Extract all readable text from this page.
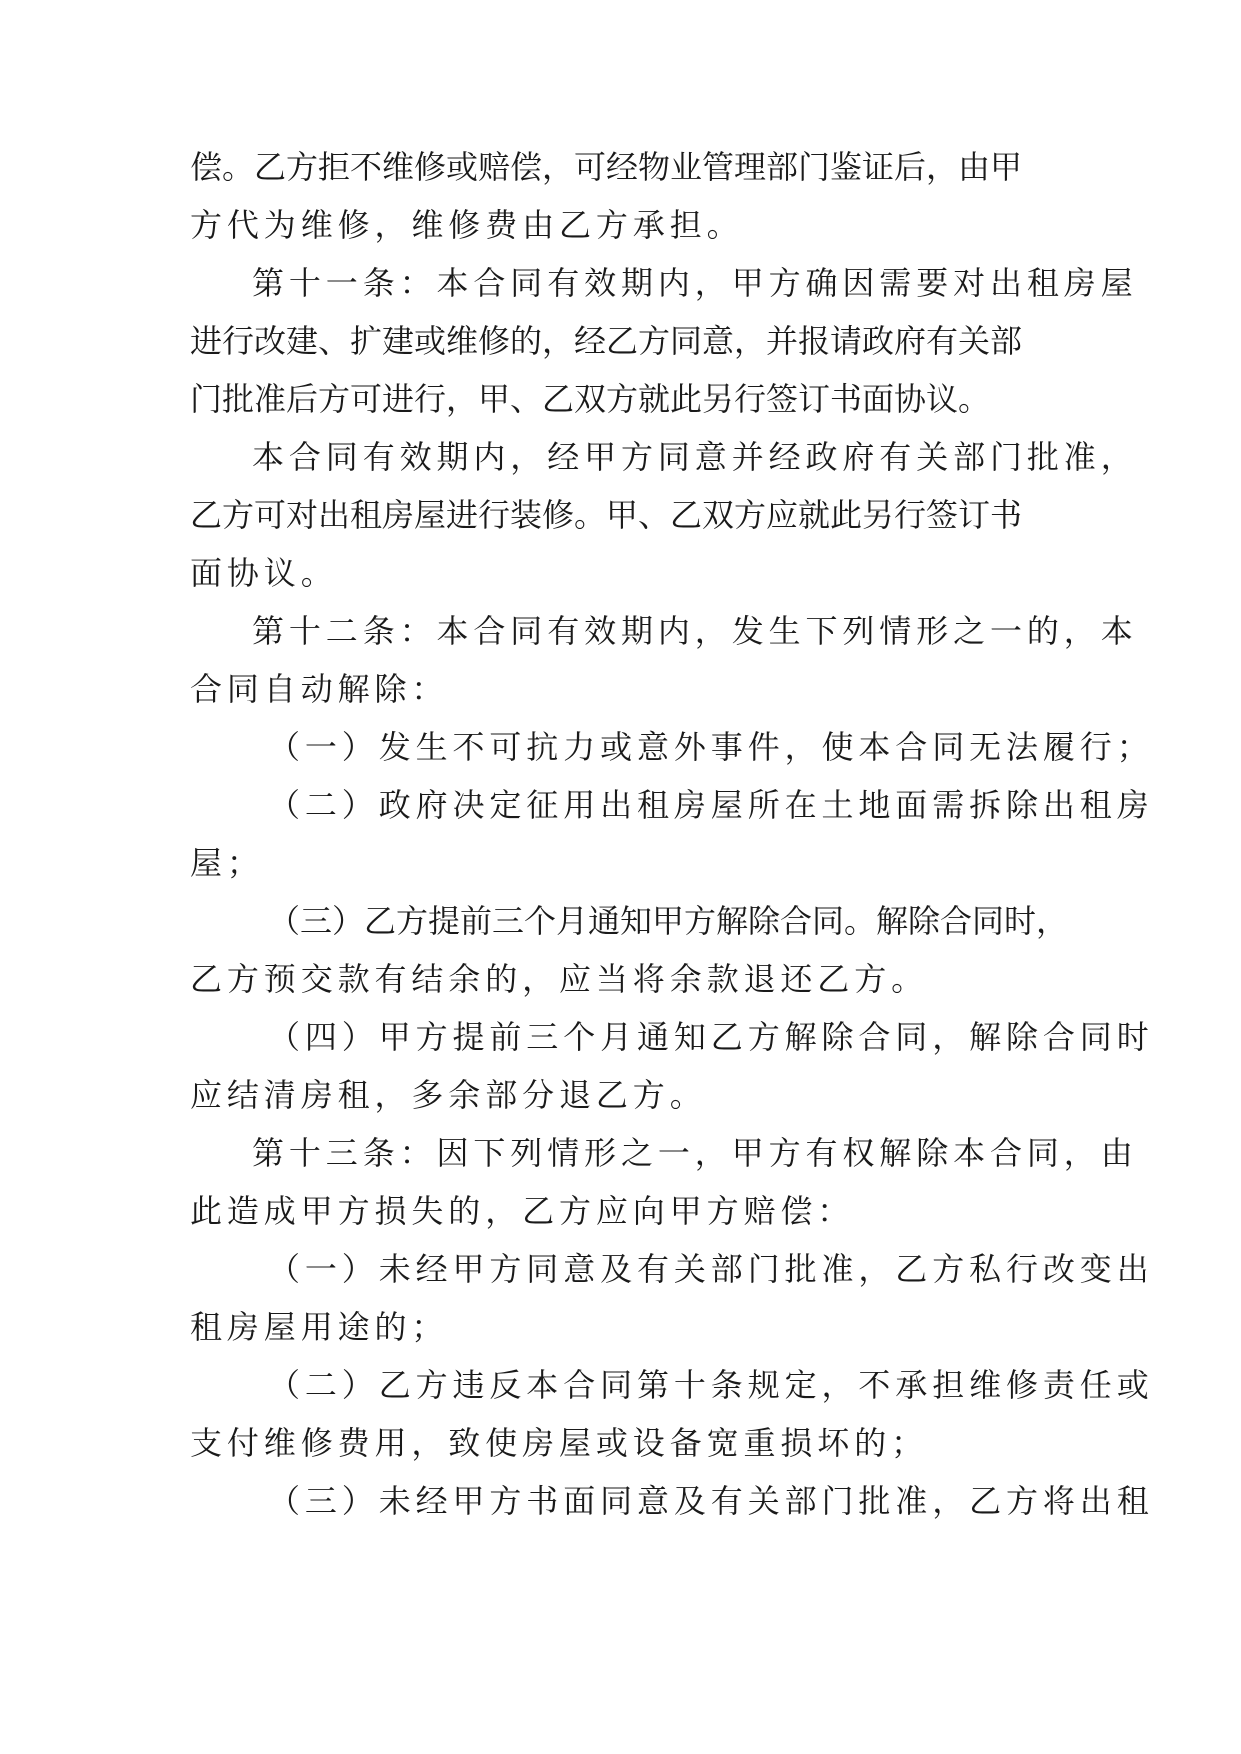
偿。乙方拒不维修或赔偿，可经物业管理部门鉴证后，由甲
方代为维修，维修费由乙方承担。
第十一条：本合同有效期内，甲方确因需要对出租房屋
进行改建、扩建或维修的，经乙方同意，并报请政府有关部
门批准后方可进行，甲、乙双方就此另行签订书面协议。
本合同有效期内，经甲方同意并经政府有关部门批准，
乙方可对出租房屋进行装修。甲、乙双方应就此另行签订书
面协议。
第十二条：本合同有效期内，发生下列情形之一的，本
合同自动解除：
（一）发生不可抗力或意外事件，使本合同无法履行；
（二）政府决定征用出租房屋所在土地面需拆除出租房
屋；
（三）乙方提前三个月通知甲方解除合同。解除合同时，
乙方预交款有结余的，应当将余款退还乙方。
（四）甲方提前三个月通知乙方解除合同，解除合同时
应结清房租，多余部分退乙方。
第十三条：因下列情形之一，甲方有权解除本合同，由
此造成甲方损失的，乙方应向甲方赔偿：
（一）未经甲方同意及有关部门批准，乙方私行改变出
租房屋用途的；
（二）乙方违反本合同第十条规定，不承担维修责任或
支付维修费用，致使房屋或设备宽重损坏的；
（三）未经甲方书面同意及有关部门批准，乙方将出租
